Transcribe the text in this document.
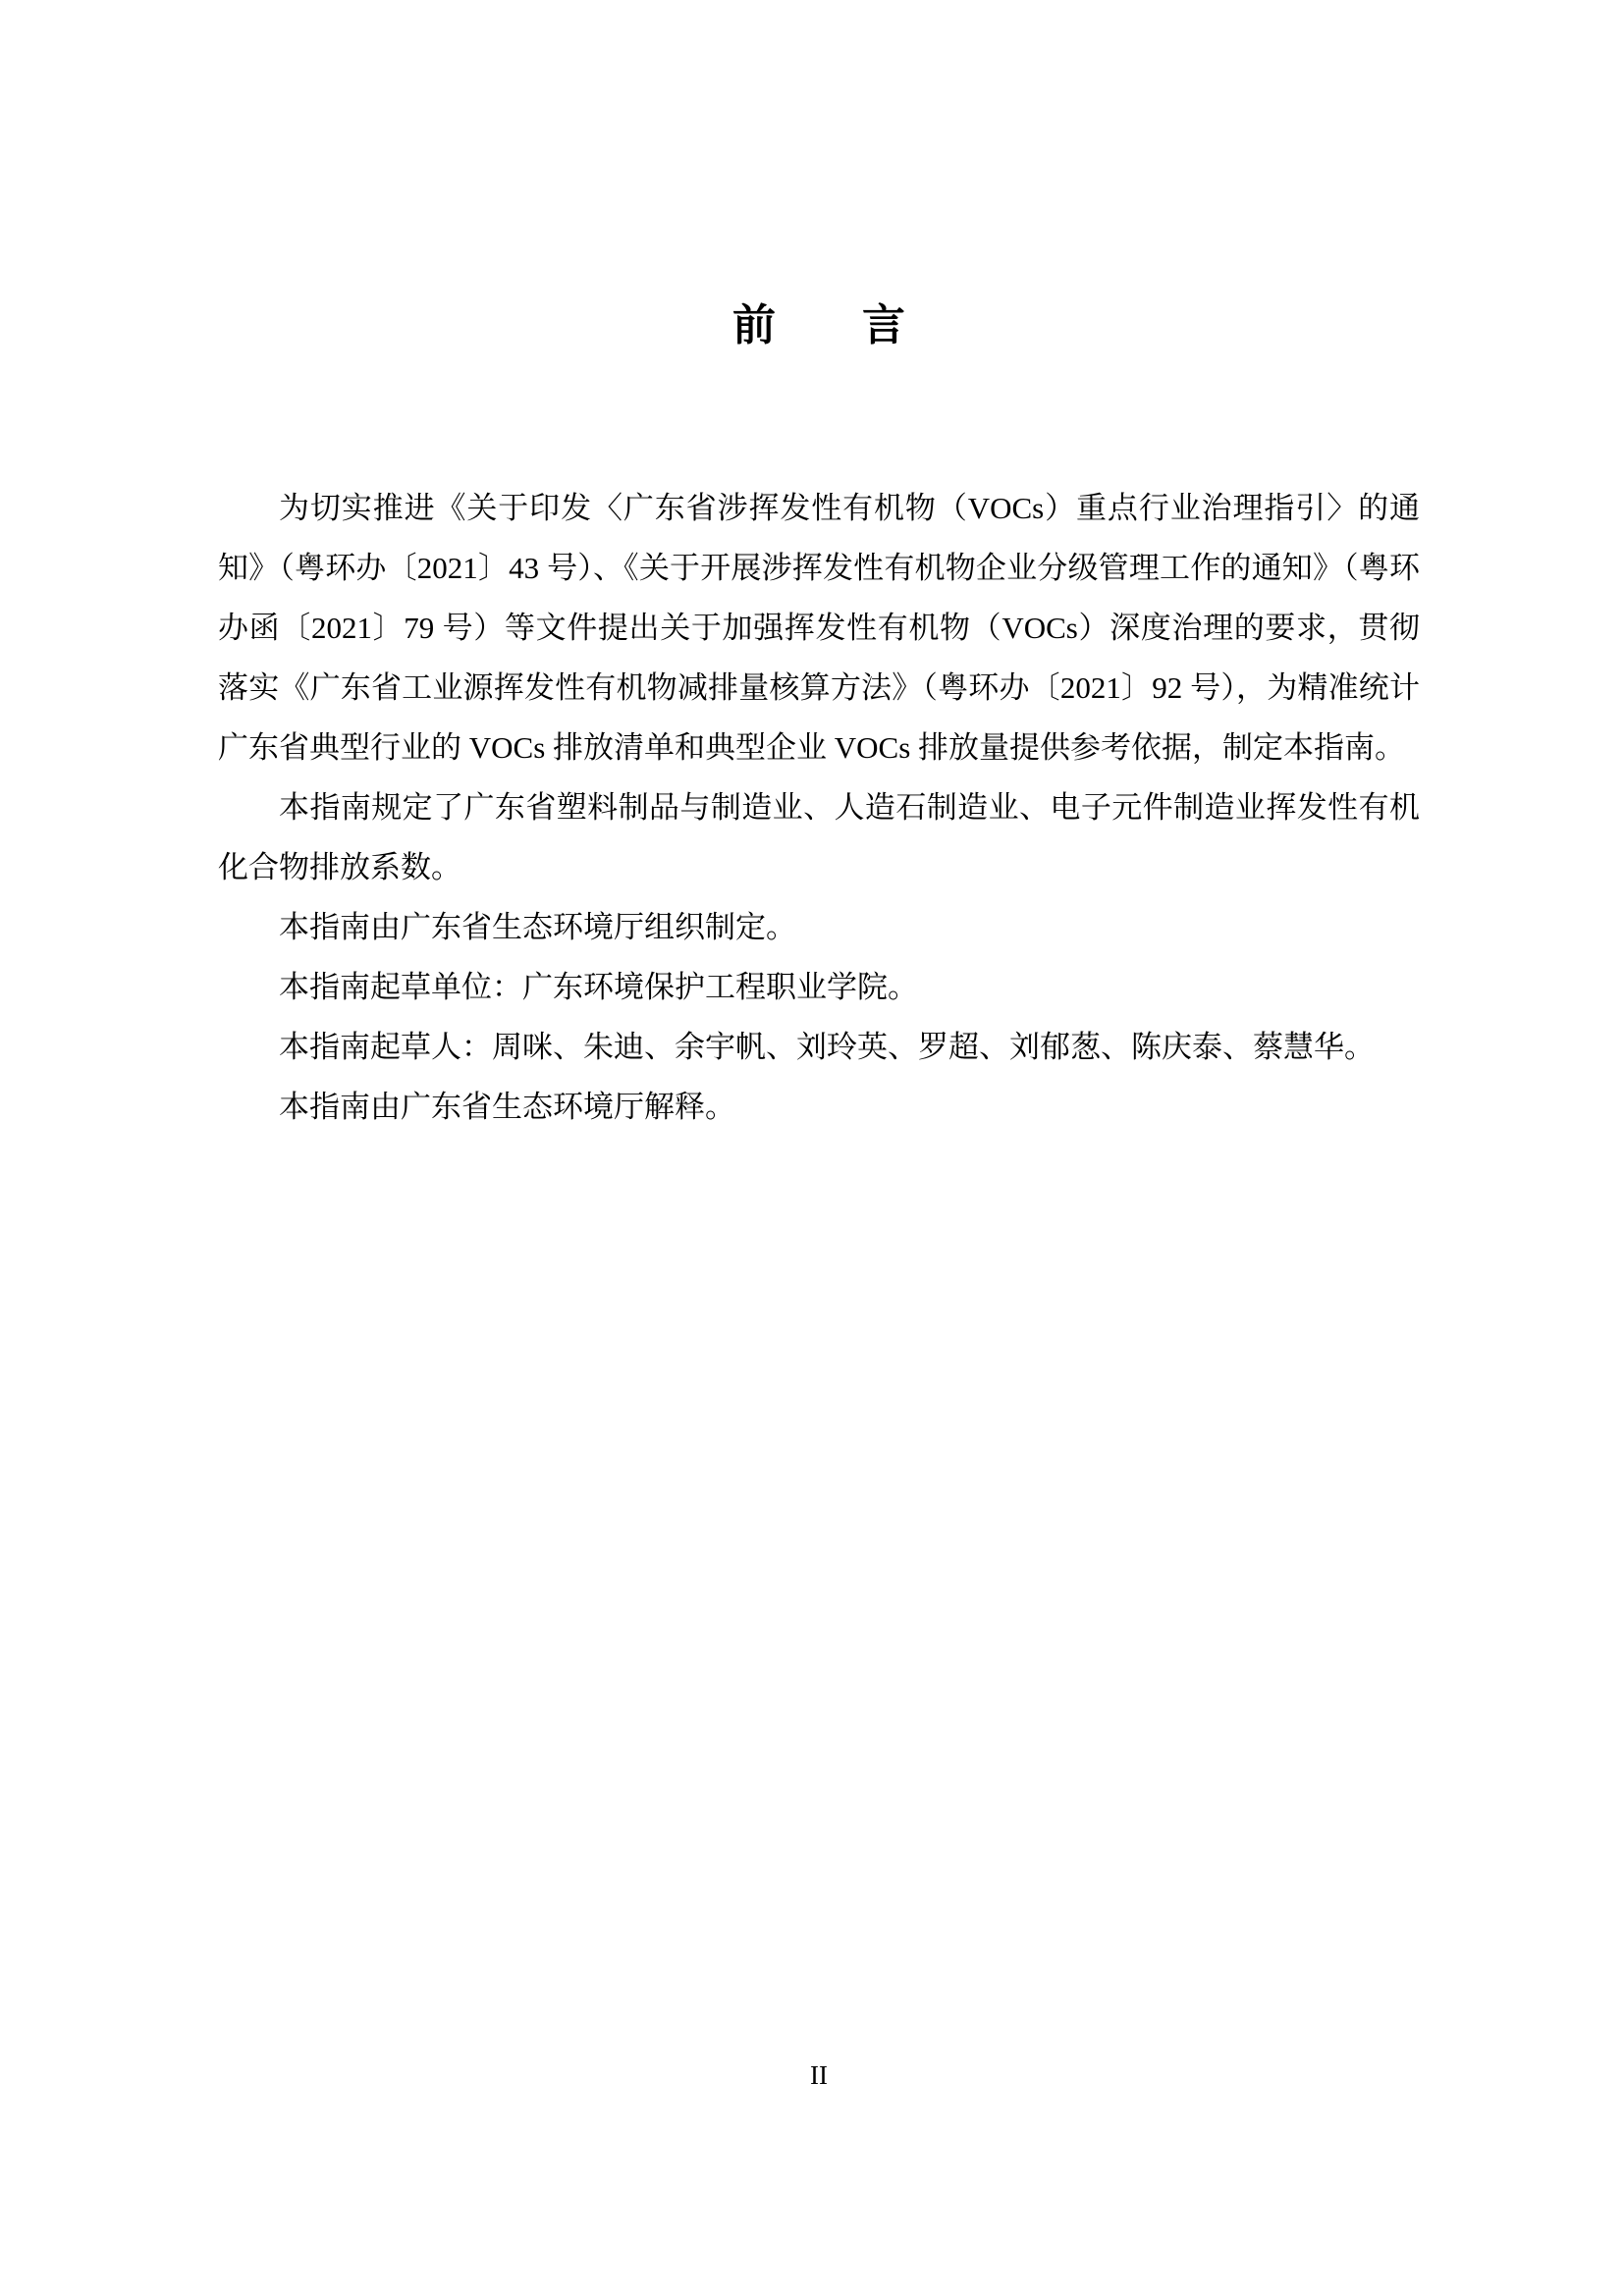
前　　言

为切实推进《关于印发〈广东省涉挥发性有机物（VOCs）重点行业治理指引〉的通知》（粤环办〔2021〕43 号）、《关于开展涉挥发性有机物企业分级管理工作的通知》（粤环办函〔2021〕79 号）等文件提出关于加强挥发性有机物（VOCs）深度治理的要求，贯彻落实《广东省工业源挥发性有机物减排量核算方法》（粤环办〔2021〕92 号），为精准统计广东省典型行业的 VOCs 排放清单和典型企业 VOCs 排放量提供参考依据，制定本指南。

本指南规定了广东省塑料制品与制造业、人造石制造业、电子元件制造业挥发性有机化合物排放系数。

本指南由广东省生态环境厅组织制定。

本指南起草单位：广东环境保护工程职业学院。

本指南起草人：周咪、朱迪、余宇帆、刘玲英、罗超、刘郁葱、陈庆泰、蔡慧华。

本指南由广东省生态环境厅解释。

II
